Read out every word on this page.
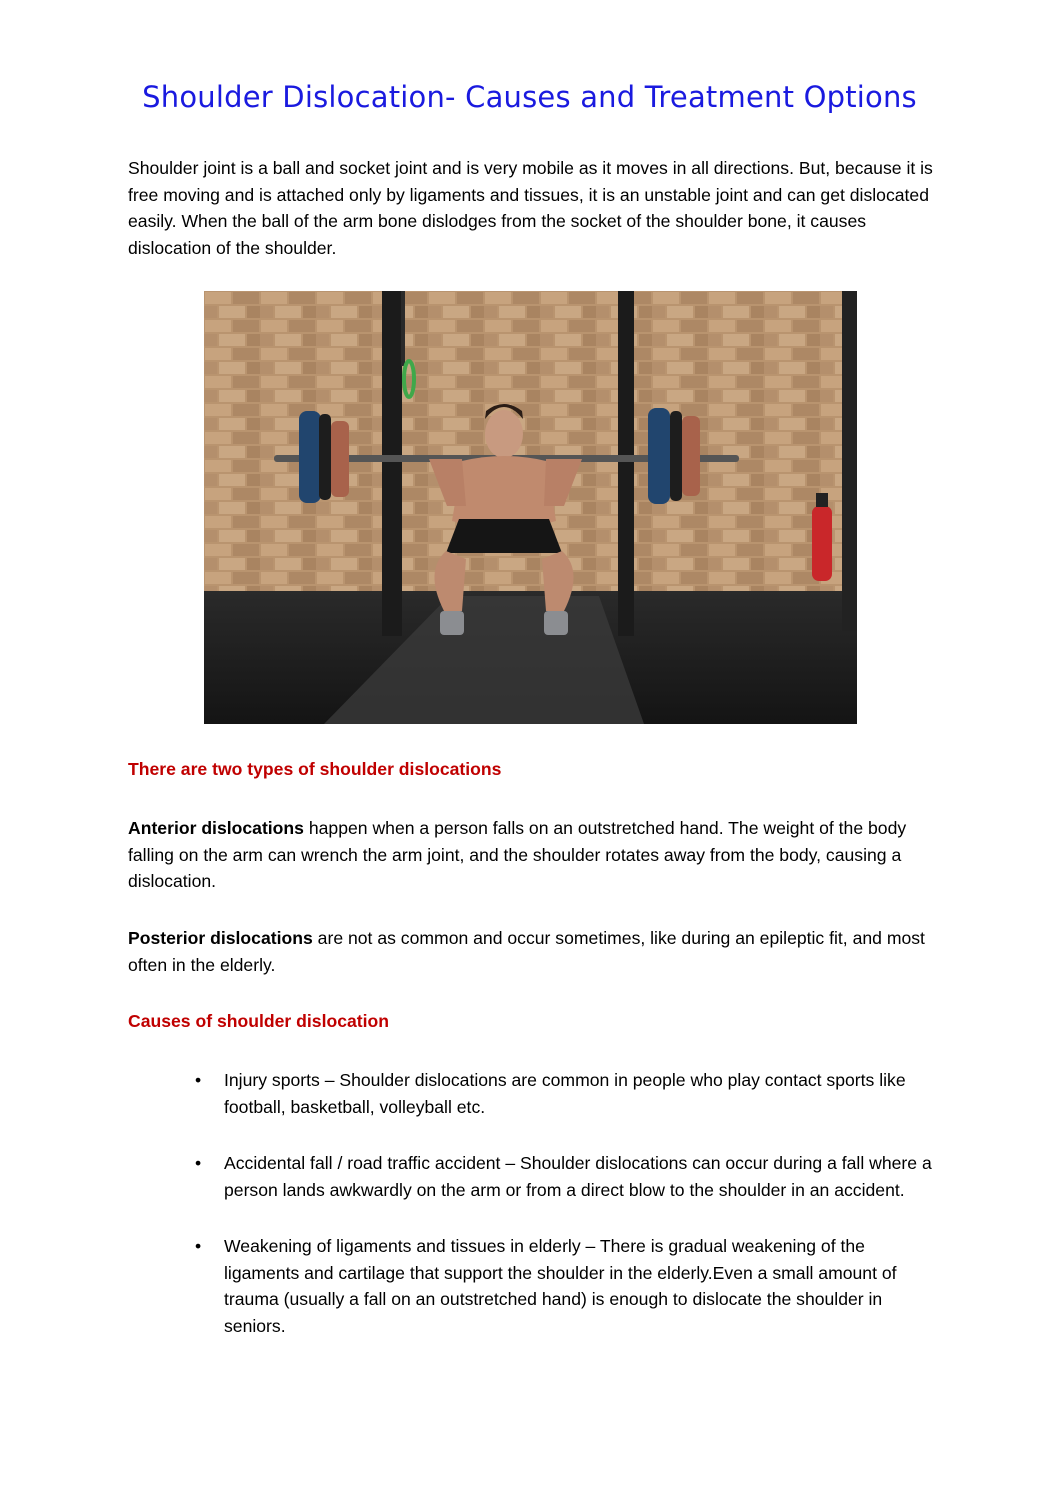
Shoulder Dislocation- Causes and Treatment Options

Shoulder joint is a ball and socket joint and is very mobile as it moves in all directions. But, because it is free moving and is attached only by ligaments and tissues, it is an unstable joint and can get dislocated easily. When the ball of the arm bone dislodges from the socket of the shoulder bone, it causes dislocation of the shoulder.

There are two types of shoulder dislocations

Anterior dislocations happen when a person falls on an outstretched hand. The weight of the body falling on the arm can wrench the arm joint, and the shoulder rotates away from the body, causing a dislocation.

Posterior dislocations are not as common and occur sometimes, like during an epileptic fit, and most often in the elderly.

Causes of shoulder dislocation
• Injury sports – Shoulder dislocations are common in people who play contact sports like football, basketball, volleyball etc.
• Accidental fall / road traffic accident – Shoulder dislocations can occur during a fall where a person lands awkwardly on the arm or from a direct blow to the shoulder in an accident.
• Weakening of ligaments and tissues in elderly – There is gradual weakening of the ligaments and cartilage that support the shoulder in the elderly.Even a small amount of trauma (usually a fall on an outstretched hand) is enough to dislocate the shoulder in seniors.
